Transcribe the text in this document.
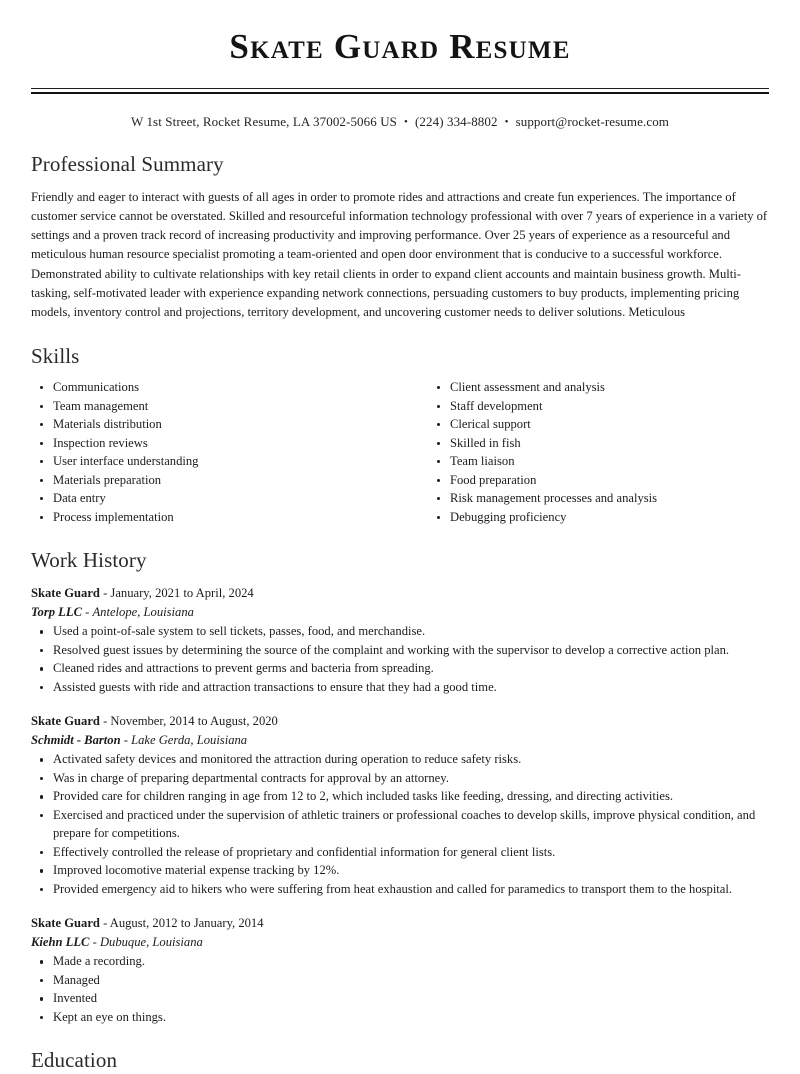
Skate Guard Resume
W 1st Street, Rocket Resume, LA 37002-5066 US • (224) 334-8802 • support@rocket-resume.com
Professional Summary

Friendly and eager to interact with guests of all ages in order to promote rides and attractions and create fun experiences. The importance of customer service cannot be overstated. Skilled and resourceful information technology professional with over 7 years of experience in a variety of settings and a proven track record of increasing productivity and improving performance. Over 25 years of experience as a resourceful and meticulous human resource specialist promoting a team-oriented and open door environment that is conducive to a successful workforce. Demonstrated ability to cultivate relationships with key retail clients in order to expand client accounts and maintain business growth. Multi-tasking, self-motivated leader with experience expanding network connections, persuading customers to buy products, implementing pricing models, inventory control and projections, territory development, and uncovering customer needs to deliver solutions. Meticulous

Skills
Communications
Team management
Materials distribution
Inspection reviews
User interface understanding
Materials preparation
Data entry
Process implementation
Client assessment and analysis
Staff development
Clerical support
Skilled in fish
Team liaison
Food preparation
Risk management processes and analysis
Debugging proficiency
Work History
Skate Guard - January, 2021 to April, 2024
Torp LLC - Antelope, Louisiana
Used a point-of-sale system to sell tickets, passes, food, and merchandise.
Resolved guest issues by determining the source of the complaint and working with the supervisor to develop a corrective action plan.
Cleaned rides and attractions to prevent germs and bacteria from spreading.
Assisted guests with ride and attraction transactions to ensure that they had a good time.
Skate Guard - November, 2014 to August, 2020
Schmidt - Barton - Lake Gerda, Louisiana
Activated safety devices and monitored the attraction during operation to reduce safety risks.
Was in charge of preparing departmental contracts for approval by an attorney.
Provided care for children ranging in age from 12 to 2, which included tasks like feeding, dressing, and directing activities.
Exercised and practiced under the supervision of athletic trainers or professional coaches to develop skills, improve physical condition, and prepare for competitions.
Effectively controlled the release of proprietary and confidential information for general client lists.
Improved locomotive material expense tracking by 12%.
Provided emergency aid to hikers who were suffering from heat exhaustion and called for paramedics to transport them to the hospital.
Skate Guard - August, 2012 to January, 2014
Kiehn LLC - Dubuque, Louisiana
Made a recording.
Managed
Invented
Kept an eye on things.
Education
